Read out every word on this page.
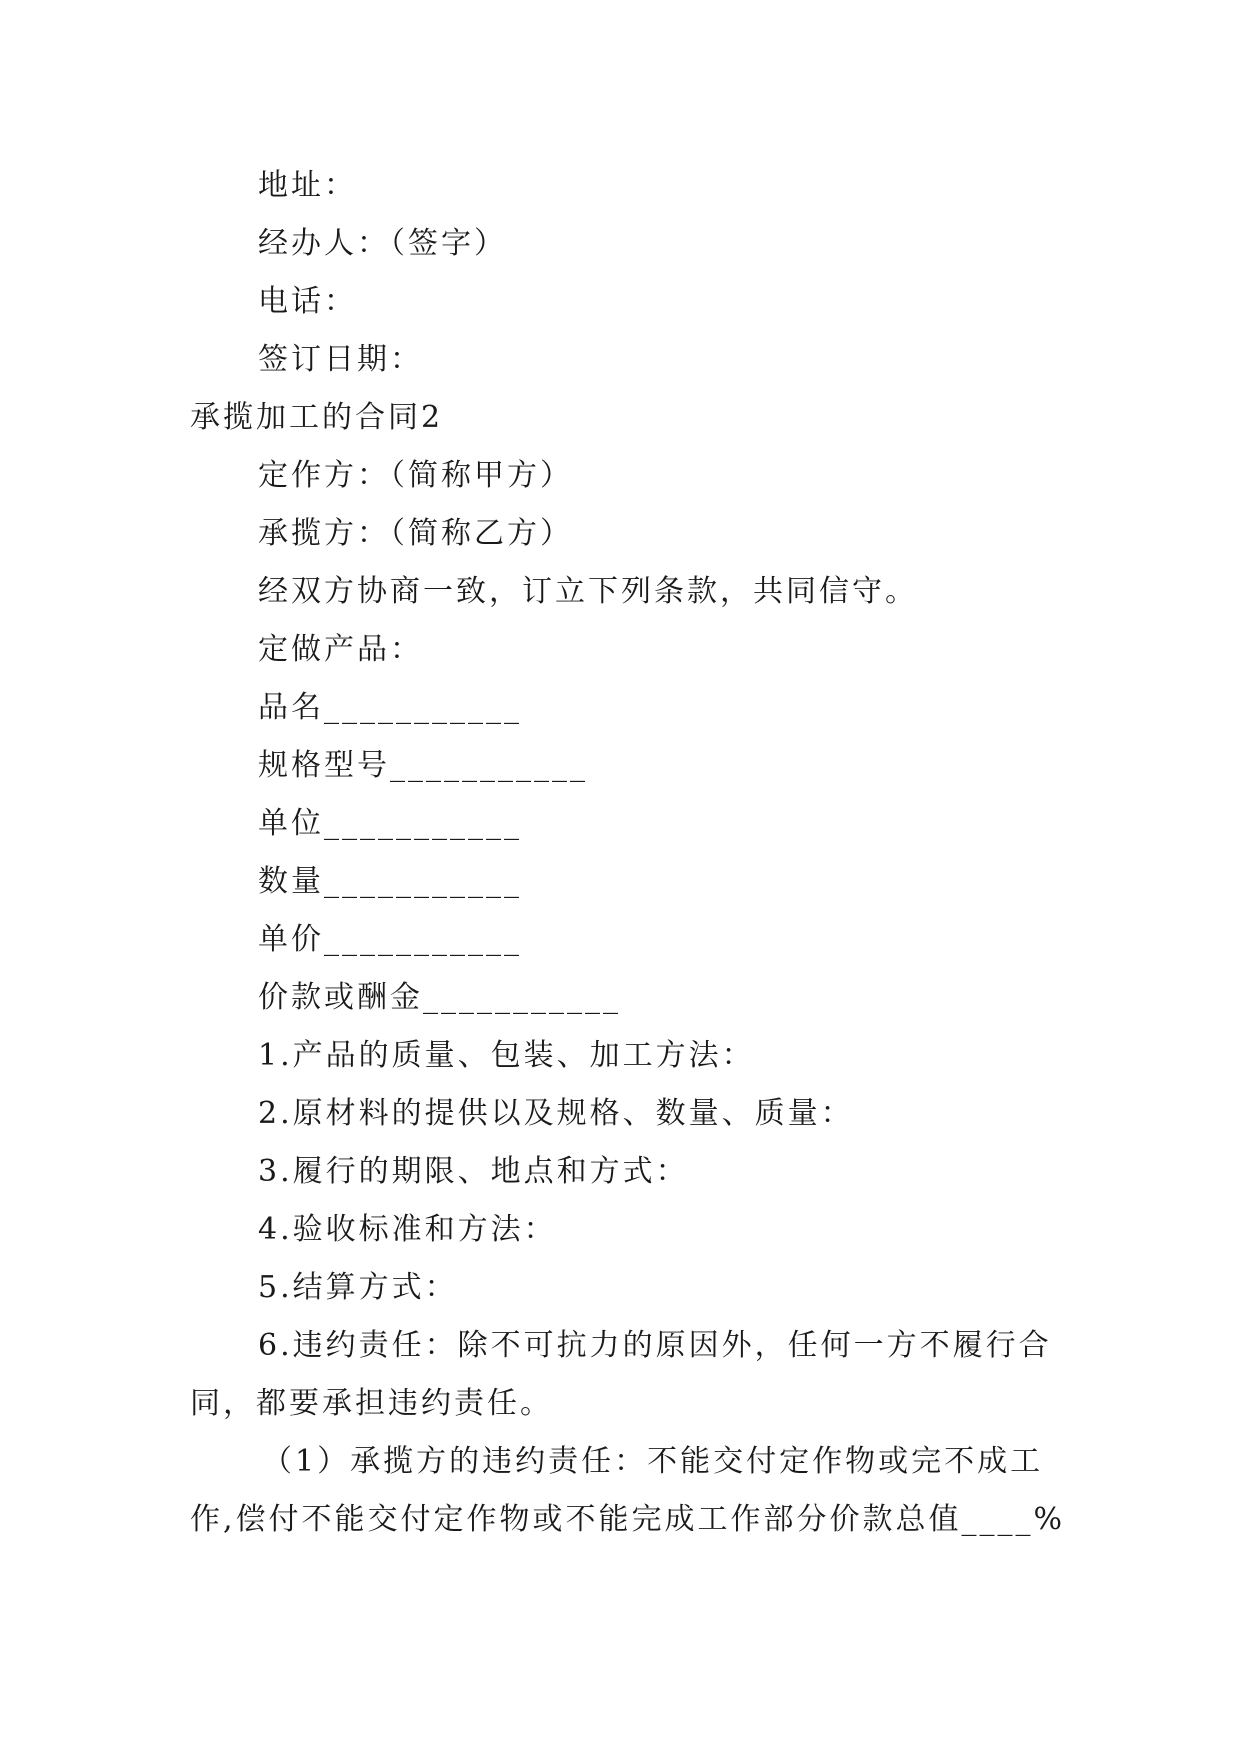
地址：
经办人：（签字）
电话：
签订日期：
承揽加工的合同2
定作方：（简称甲方）
承揽方：（简称乙方）
经双方协商一致，订立下列条款，共同信守。
定做产品：
品名___________
规格型号___________
单位___________
数量___________
单价___________
价款或酬金___________
1.产品的质量、包装、加工方法：
2.原材料的提供以及规格、数量、质量：
3.履行的期限、地点和方式：
4.验收标准和方法：
5.结算方式：
6.违约责任：除不可抗力的原因外，任何一方不履行合
同，都要承担违约责任。
（1）承揽方的违约责任：不能交付定作物或完不成工
作,偿付不能交付定作物或不能完成工作部分价款总值____%
